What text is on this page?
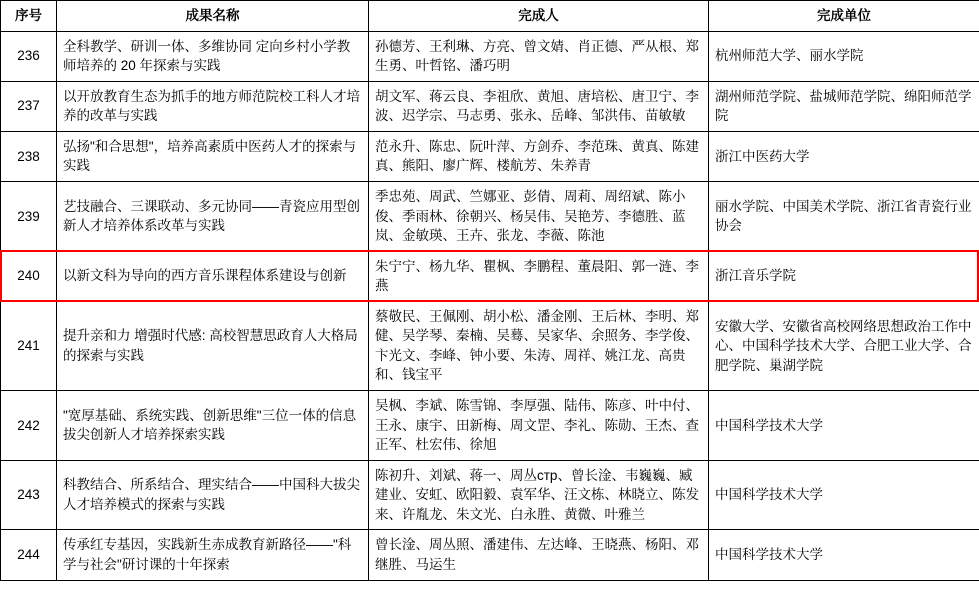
序号	成果名称	完成人	完成单位
236	全科教学、研训一体、多维协同 定向乡村小学教师培养的 20 年探索与实践	孙德芳、王利琳、方亮、曾文婧、肖正德、严从根、郑生勇、叶哲铭、潘巧明	杭州师范大学、丽水学院
237	以开放教育生态为抓手的地方师范院校工科人才培养的改革与实践	胡文军、蒋云良、李祖欣、黄旭、唐培松、唐卫宁、李波、迟学宗、马志勇、张永、岳峰、邹洪伟、苗敏敏	湖州师范学院、盐城师范学院、绵阳师范学院
238	弘扬"和合思想"，培养高素质中医药人才的探索与实践	范永升、陈忠、阮叶萍、方剑乔、李范珠、黄真、陈建真、熊阳、廖广辉、楼航芳、朱养青	浙江中医药大学
239	艺技融合、三课联动、多元协同——青瓷应用型创新人才培养体系改革与实践	季忠苑、周武、竺娜亚、彭倩、周莉、周绍斌、陈小俊、季雨林、徐朝兴、杨吴伟、吴艳芳、李德胜、蓝岚、金敏瑛、王卉、张龙、李薇、陈池	丽水学院、中国美术学院、浙江省青瓷行业协会
240	以新文科为导向的西方音乐课程体系建设与创新	朱宁宁、杨九华、瞿枫、李鹏程、董晨阳、郭一涟、李燕	浙江音乐学院
241	提升亲和力 增强时代感: 高校智慧思政育人大格局的探索与实践	蔡敬民、王佩刚、胡小松、潘金刚、王后林、李明、郑健、吴学琴、秦楠、吴蓦、吴家华、余照务、李学俊、卞光文、李峰、钟小要、朱涛、周祥、姚江龙、高贵和、钱宝平	安徽大学、安徽省高校网络思想政治工作中心、中国科学技术大学、合肥工业大学、合肥学院、巢湖学院
242	"宽厚基础、系统实践、创新思维"三位一体的信息拔尖创新人才培养探索实践	吴枫、李斌、陈雪锦、李厚强、陆伟、陈彦、叶中付、王永、康宇、田新梅、周文罡、李礼、陈勋、王杰、查正军、杜宏伟、徐旭	中国科学技术大学
243	科教结合、所系结合、理实结合——中国科大拔尖人才培养模式的探索与实践	陈初升、刘斌、蒋一、周丛стр、曾长淦、韦巍巍、臧建业、安虹、欧阳毅、袁军华、汪文栋、林晓立、陈发来、许胤龙、朱文光、白永胜、黄微、叶雅兰	中国科学技术大学
244	传承红专基因，实践新生赤成教育新路径——"科学与社会"研讨课的十年探索	曾长淦、周丛照、潘建伟、左达峰、王晓燕、杨阳、邓继胜、马运生	中国科学技术大学
